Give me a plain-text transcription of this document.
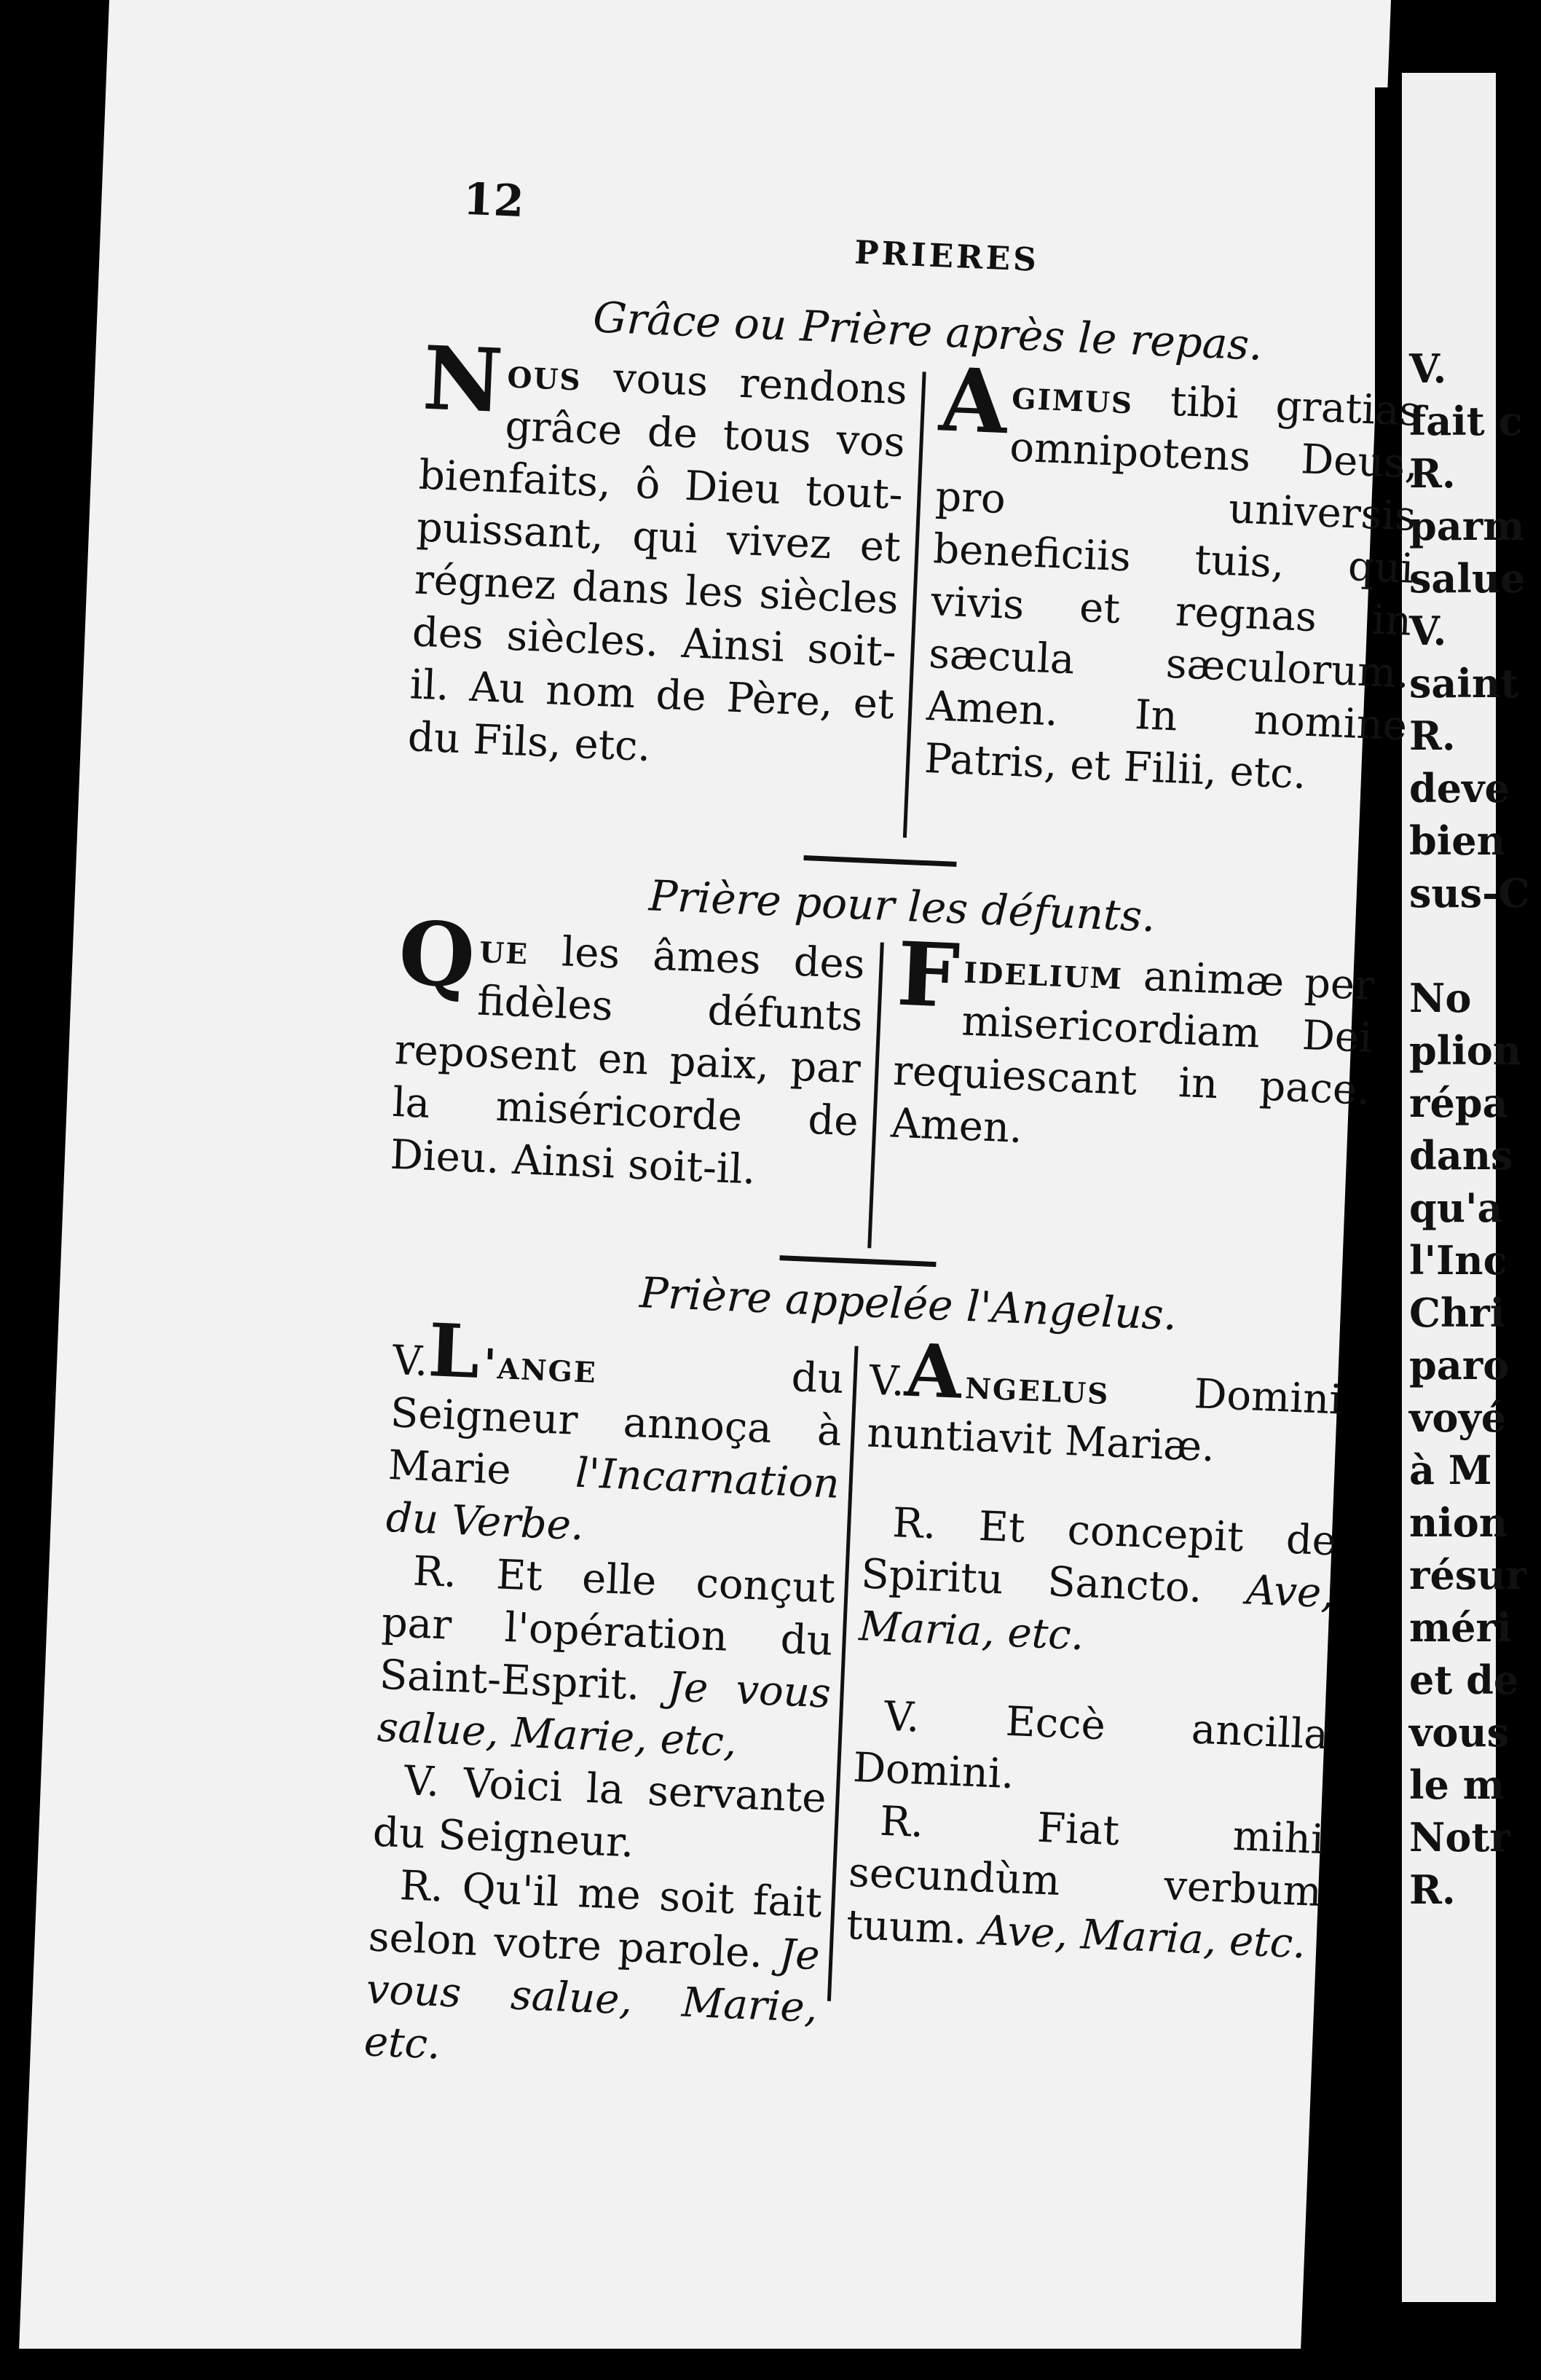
V.
fait c
R.
parm
salue
V.
saint
R.
deve
bien
sus-C

No
plion
répa
dans
qu'a
l'Inc
Chri
paro
voyé
à M
nion
résur
méri
et de
vous
le m
Notr
R.
12
PRIERES
Grâce ou Prière après le repas.

Nous vous rendons grâce de tous vos bienfaits, ô Dieu tout-puissant, qui vivez et régnez dans les siècles des siècles. Ainsi soit-il. Au nom de Père, et du Fils, etc.

Agimus tibi gratias omnipotens Deus, pro universis beneficiis tuis, qui vivis et regnas in sæcula sæculorum. Amen. In nomine Patris, et Filii, etc.

Prière pour les défunts.

Que les âmes des fidèles défunts reposent en paix, par la miséricorde de Dieu. Ainsi soit-il.

Fidelium animæ per misericordiam Dei requiescant in pace. Amen.

Prière appelée l'Angelus.

V.L'ange du Seigneur annoça à Marie l'Incarnation du Verbe.

R. Et elle conçut par l'opération du Saint-Esprit. Je vous salue, Marie, etc,

V. Voici la servante du Seigneur.

R. Qu'il me soit fait selon votre parole. Je vous salue, Marie, etc.

V.Angelus Domini nuntiavit Mariæ.

R. Et concepit de Spiritu Sancto. Ave, Maria, etc.

V. Eccè ancilla Domini.

R. Fiat mihi secundùm verbum tuum. Ave, Maria, etc.
